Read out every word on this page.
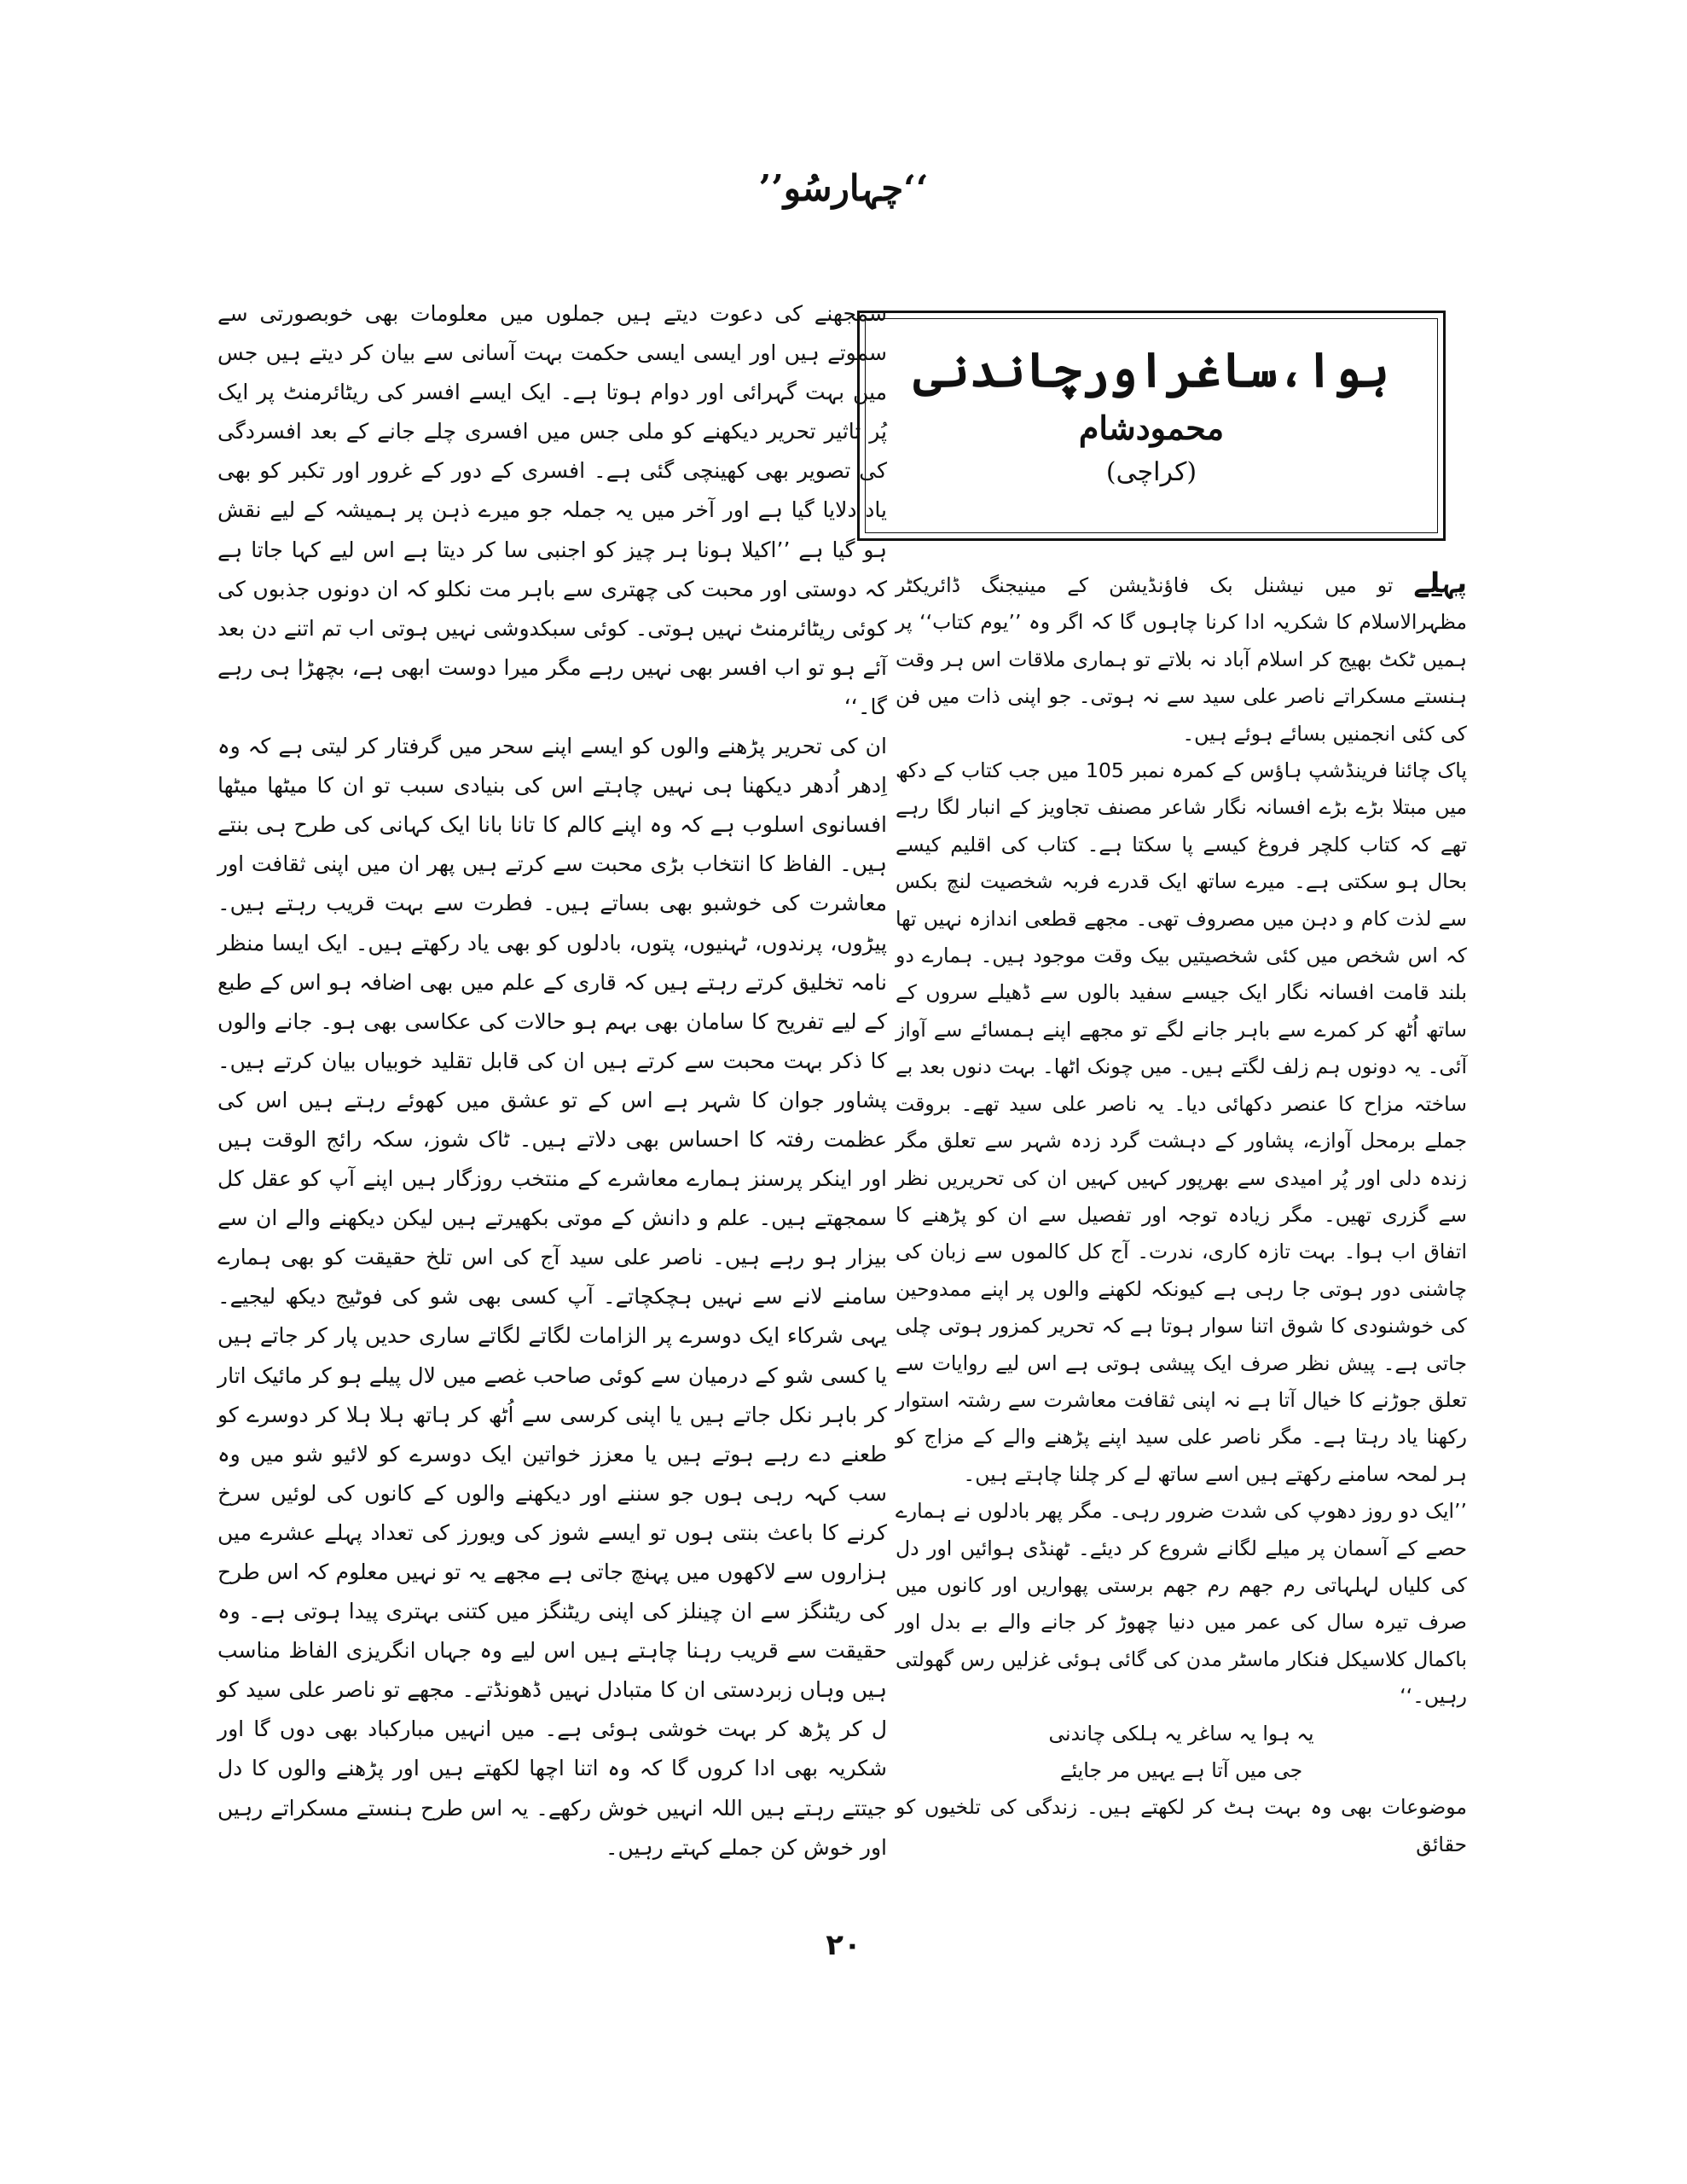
’’چہارسُو‘‘
ہوا،ساغراورچاندنی
محمودشام
(کراچی)

پہلے تو میں نیشنل بک فاؤنڈیشن کے مینیجنگ ڈائریکٹر مظہرالاسلام کا شکریہ ادا کرنا چاہوں گا کہ اگر وہ ’’یوم کتاب‘‘ پر ہمیں ٹکٹ بھیج کر اسلام آباد نہ بلاتے تو ہماری ملاقات اس ہر وقت ہنستے مسکراتے ناصر علی سید سے نہ ہوتی۔ جو اپنی ذات میں فن کی کئی انجمنیں بسائے ہوئے ہیں۔

پاک چائنا فرینڈشپ ہاؤس کے کمرہ نمبر 105 میں جب کتاب کے دکھ میں مبتلا بڑے بڑے افسانہ نگار شاعر مصنف تجاویز کے انبار لگا رہے تھے کہ کتاب کلچر فروغ کیسے پا سکتا ہے۔ کتاب کی اقلیم کیسے بحال ہو سکتی ہے۔ میرے ساتھ ایک قدرے فربہ شخصیت لنچ بکس سے لذت کام و دہن میں مصروف تھی۔ مجھے قطعی اندازہ نہیں تھا کہ اس شخص میں کئی شخصیتیں بیک وقت موجود ہیں۔ ہمارے دو بلند قامت افسانہ نگار ایک جیسے سفید بالوں سے ڈھیلے سروں کے ساتھ اُٹھ کر کمرے سے باہر جانے لگے تو مجھے اپنے ہمسائے سے آواز آئی۔ یہ دونوں ہم زلف لگتے ہیں۔ میں چونک اٹھا۔ بہت دنوں بعد بے ساختہ مزاح کا عنصر دکھائی دیا۔ یہ ناصر علی سید تھے۔ بروقت جملے برمحل آوازے، پشاور کے دہشت گرد زدہ شہر سے تعلق مگر زندہ دلی اور پُر امیدی سے بھرپور کہیں کہیں ان کی تحریریں نظر سے گزری تھیں۔ مگر زیادہ توجہ اور تفصیل سے ان کو پڑھنے کا اتفاق اب ہوا۔ بہت تازہ کاری، ندرت۔ آج کل کالموں سے زبان کی چاشنی دور ہوتی جا رہی ہے کیونکہ لکھنے والوں پر اپنے ممدوحین کی خوشنودی کا شوق اتنا سوار ہوتا ہے کہ تحریر کمزور ہوتی چلی جاتی ہے۔ پیش نظر صرف ایک پیشی ہوتی ہے اس لیے روایات سے تعلق جوڑنے کا خیال آتا ہے نہ اپنی ثقافت معاشرت سے رشتہ استوار رکھنا یاد رہتا ہے۔ مگر ناصر علی سید اپنے پڑھنے والے کے مزاج کو ہر لمحہ سامنے رکھتے ہیں اسے ساتھ لے کر چلنا چاہتے ہیں۔

’’ایک دو روز دھوپ کی شدت ضرور رہی۔ مگر پھر بادلوں نے ہمارے حصے کے آسمان پر میلے لگانے شروع کر دیئے۔ ٹھنڈی ہوائیں اور دل کی کلیاں لہلہاتی رم جھم رم جھم برستی پھواریں اور کانوں میں صرف تیرہ سال کی عمر میں دنیا چھوڑ کر جانے والے بے بدل اور باکمال کلاسیکل فنکار ماسٹر مدن کی گائی ہوئی غزلیں رس گھولتی رہیں۔‘‘

یہ ہوا یہ ساغر یہ ہلکی چاندنی

جی میں آتا ہے یہیں مر جایئے

موضوعات بھی وہ بہت ہٹ کر لکھتے ہیں۔ زندگی کی تلخیوں کو حقائق

سمجھنے کی دعوت دیتے ہیں جملوں میں معلومات بھی خوبصورتی سے سموتے ہیں اور ایسی ایسی حکمت بہت آسانی سے بیان کر دیتے ہیں جس میں بہت گہرائی اور دوام ہوتا ہے۔ ایک ایسے افسر کی ریٹائرمنٹ پر ایک پُر تاثیر تحریر دیکھنے کو ملی جس میں افسری چلے جانے کے بعد افسردگی کی تصویر بھی کھینچی گئی ہے۔ افسری کے دور کے غرور اور تکبر کو بھی یاد دلایا گیا ہے اور آخر میں یہ جملہ جو میرے ذہن پر ہمیشہ کے لیے نقش ہو گیا ہے ’’اکیلا ہونا ہر چیز کو اجنبی سا کر دیتا ہے اس لیے کہا جاتا ہے کہ دوستی اور محبت کی چھتری سے باہر مت نکلو کہ ان دونوں جذبوں کی کوئی ریٹائرمنٹ نہیں ہوتی۔ کوئی سبکدوشی نہیں ہوتی اب تم اتنے دن بعد آئے ہو تو اب افسر بھی نہیں رہے مگر میرا دوست ابھی ہے، بچھڑا ہی رہے گا۔‘‘

ان کی تحریر پڑھنے والوں کو ایسے اپنے سحر میں گرفتار کر لیتی ہے کہ وہ اِدھر اُدھر دیکھنا ہی نہیں چاہتے اس کی بنیادی سبب تو ان کا میٹھا میٹھا افسانوی اسلوب ہے کہ وہ اپنے کالم کا تانا بانا ایک کہانی کی طرح ہی بنتے ہیں۔ الفاظ کا انتخاب بڑی محبت سے کرتے ہیں پھر ان میں اپنی ثقافت اور معاشرت کی خوشبو بھی بساتے ہیں۔ فطرت سے بہت قریب رہتے ہیں۔ پیڑوں، پرندوں، ٹہنیوں، پتوں، بادلوں کو بھی یاد رکھتے ہیں۔ ایک ایسا منظر نامہ تخلیق کرتے رہتے ہیں کہ قاری کے علم میں بھی اضافہ ہو اس کے طبع کے لیے تفریح کا سامان بھی بہم ہو حالات کی عکاسی بھی ہو۔ جانے والوں کا ذکر بہت محبت سے کرتے ہیں ان کی قابل تقلید خوبیاں بیان کرتے ہیں۔ پشاور جوان کا شہر ہے اس کے تو عشق میں کھوئے رہتے ہیں اس کی عظمت رفتہ کا احساس بھی دلاتے ہیں۔ ٹاک شوز، سکہ رائج الوقت ہیں اور اینکر پرسنز ہمارے معاشرے کے منتخب روزگار ہیں اپنے آپ کو عقل کل سمجھتے ہیں۔ علم و دانش کے موتی بکھیرتے ہیں لیکن دیکھنے والے ان سے بیزار ہو رہے ہیں۔ ناصر علی سید آج کی اس تلخ حقیقت کو بھی ہمارے سامنے لانے سے نہیں ہچکچاتے۔ آپ کسی بھی شو کی فوٹیج دیکھ لیجیے۔ یہی شرکاء ایک دوسرے پر الزامات لگاتے لگاتے ساری حدیں پار کر جاتے ہیں یا کسی شو کے درمیان سے کوئی صاحب غصے میں لال پیلے ہو کر مائیک اتار کر باہر نکل جاتے ہیں یا اپنی کرسی سے اُٹھ کر ہاتھ ہلا ہلا کر دوسرے کو طعنے دے رہے ہوتے ہیں یا معزز خواتین ایک دوسرے کو لائیو شو میں وہ سب کہہ رہی ہوں جو سننے اور دیکھنے والوں کے کانوں کی لوئیں سرخ کرنے کا باعث بنتی ہوں تو ایسے شوز کی ویورز کی تعداد پہلے عشرے میں ہزاروں سے لاکھوں میں پہنچ جاتی ہے مجھے یہ تو نہیں معلوم کہ اس طرح کی ریٹنگز سے ان چینلز کی اپنی ریٹنگز میں کتنی بہتری پیدا ہوتی ہے۔ وہ حقیقت سے قریب رہنا چاہتے ہیں اس لیے وہ جہاں انگریزی الفاظ مناسب ہیں وہاں زبردستی ان کا متبادل نہیں ڈھونڈتے۔ مجھے تو ناصر علی سید کو ل کر پڑھ کر بہت خوشی ہوئی ہے۔ میں انہیں مبارکباد بھی دوں گا اور شکریہ بھی ادا کروں گا کہ وہ اتنا اچھا لکھتے ہیں اور پڑھنے والوں کا دل جیتتے رہتے ہیں اللہ انہیں خوش رکھے۔ یہ اس طرح ہنستے مسکراتے رہیں اور خوش کن جملے کہتے رہیں۔

۲۰
